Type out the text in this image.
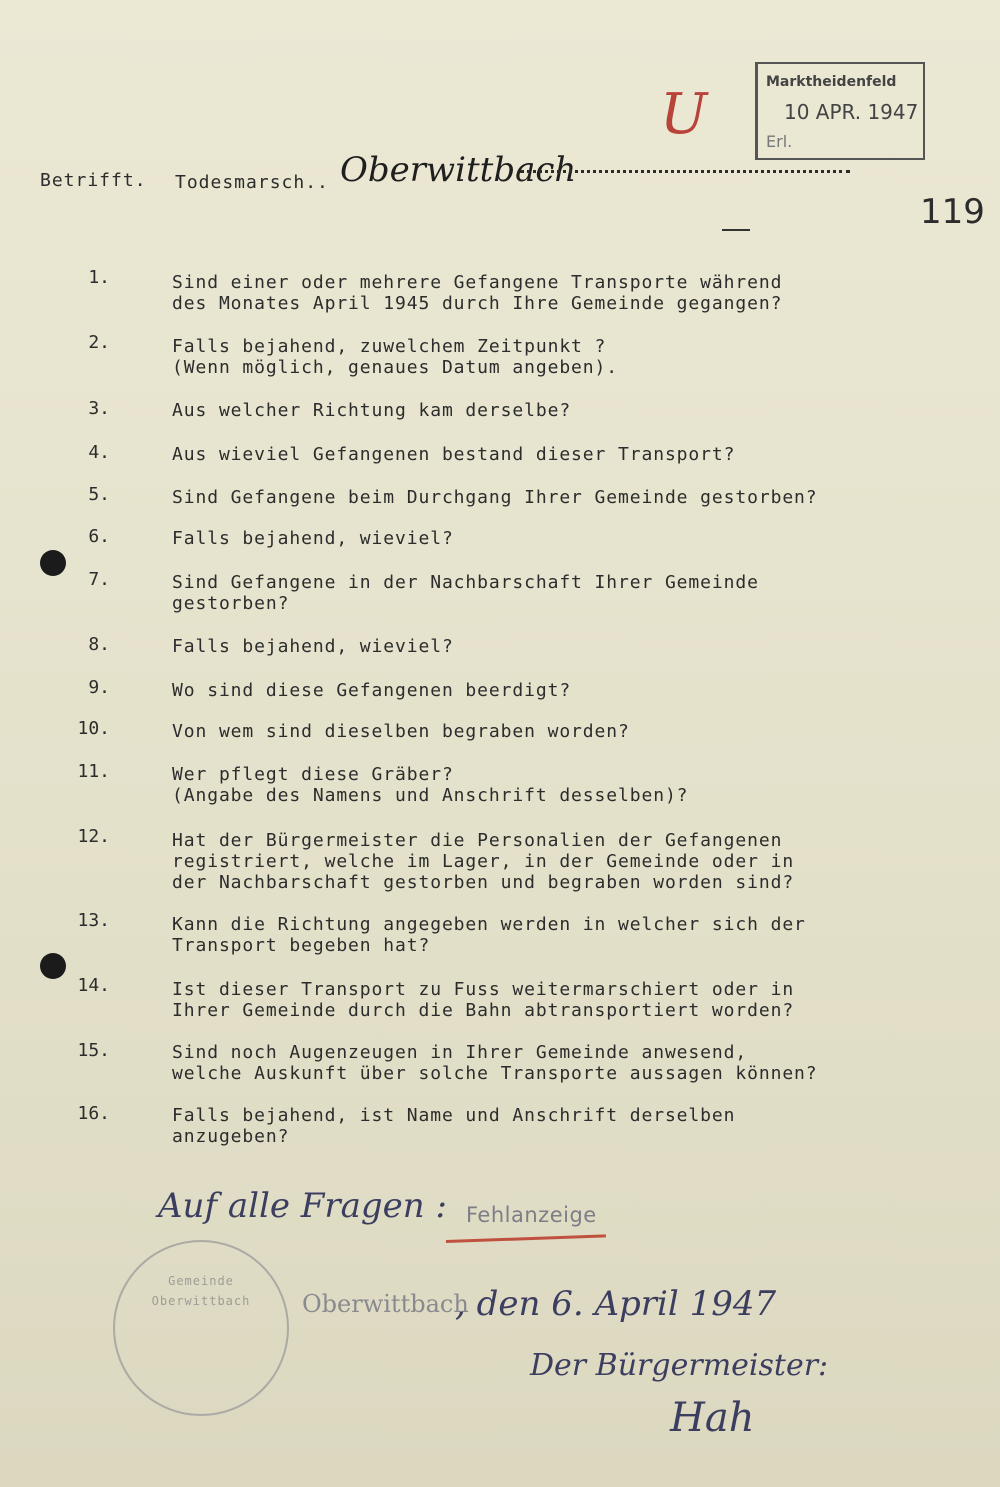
Marktheidenfeld
10 APR. 1947
Erl.
U
119
Betrifft. Todesmarsch.. Oberwittbach
1.	Sind einer oder mehrere Gefangene Transporte während
des Monates April 1945 durch Ihre Gemeinde gegangen?
2.	Falls bejahend, zuwelchem Zeitpunkt ?
(Wenn möglich, genaues Datum angeben).
3.	Aus welcher Richtung kam derselbe?
4.	Aus wieviel Gefangenen bestand dieser Transport?
5.	Sind Gefangene beim Durchgang Ihrer Gemeinde gestorben?
6.	Falls bejahend, wieviel?
7.	Sind Gefangene in der Nachbarschaft Ihrer Gemeinde
gestorben?
8.	Falls bejahend, wieviel?
9.	Wo sind diese Gefangenen beerdigt?
10.	Von wem sind dieselben begraben worden?
11.	Wer pflegt diese Gräber?
(Angabe des Namens und Anschrift desselben)?
12.	Hat der Bürgermeister die Personalien der Gefangenen
registriert, welche im Lager, in der Gemeinde oder in
der Nachbarschaft gestorben und begraben worden sind?
13.	Kann die Richtung angegeben werden in welcher sich der
Transport begeben hat?
14.	Ist dieser Transport zu Fuss weitermarschiert oder in
Ihrer Gemeinde durch die Bahn abtransportiert worden?
15.	Sind noch Augenzeugen in Ihrer Gemeinde anwesend,
welche Auskunft über solche Transporte aussagen können?
16.	Falls bejahend, ist Name und Anschrift derselben
anzugeben?
Auf alle Fragen : Fehlanzeige
Gemeinde
Oberwittbach	Oberwittbach
, den 6. April 1947
Der Bürgermeister:
Hah
